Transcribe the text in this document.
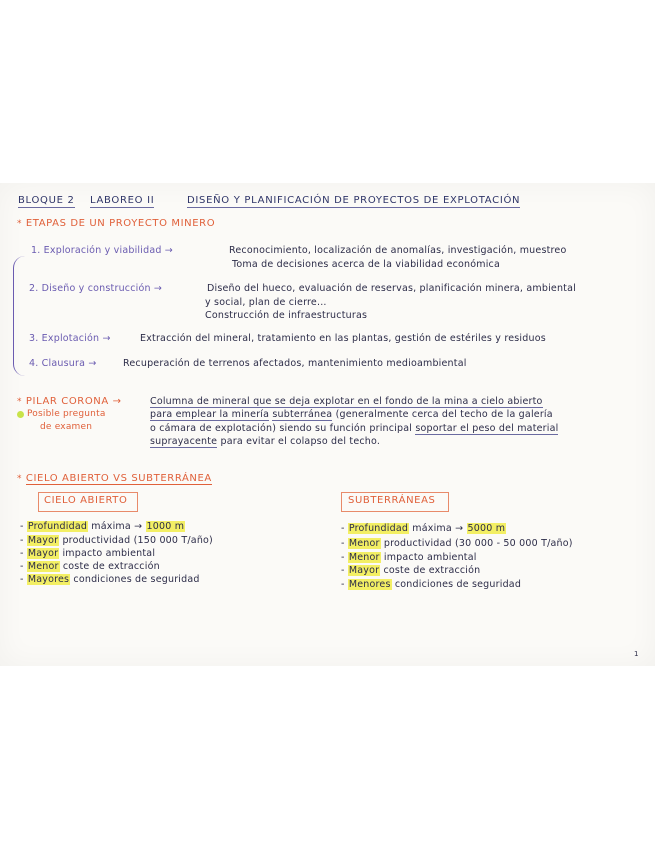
BLOQUE 2 LABOREO II	DISEÑO Y PLANIFICACIÓN DE PROYECTOS DE EXPLOTACIÓN
* ETAPAS DE UN PROYECTO MINERO
1. Exploración y viabilidad →	Reconocimiento, localización de anomalías, investigación, muestreo
Toma de decisiones acerca de la viabilidad económica
2. Diseño y construcción →	Diseño del hueco, evaluación de reservas, planificación minera, ambiental
y social, plan de cierre...
Construcción de infraestructuras
3. Explotación →	Extracción del mineral, tratamiento en las plantas, gestión de estériles y residuos
4. Clausura →	Recuperación de terrenos afectados, mantenimiento medioambiental
* PILAR CORONA →
Posible pregunta
de examen
Columna de mineral que se deja explotar en el fondo de la mina a cielo abierto
para emplear la minería subterránea (generalmente cerca del techo de la galería
o cámara de explotación) siendo su función principal soportar el peso del material
suprayacente para evitar el colapso del techo.
* CIELO ABIERTO VS SUBTERRÁNEA
CIELO ABIERTO	SUBTERRÁNEAS
- Profundidad máxima → 1000 m
- Mayor productividad (150 000 T/año)
- Mayor impacto ambiental
- Menor coste de extracción
- Mayores condiciones de seguridad
- Profundidad máxima → 5000 m
- Menor productividad (30 000 - 50 000 T/año)
- Menor impacto ambiental
- Mayor coste de extracción
- Menores condiciones de seguridad
1
